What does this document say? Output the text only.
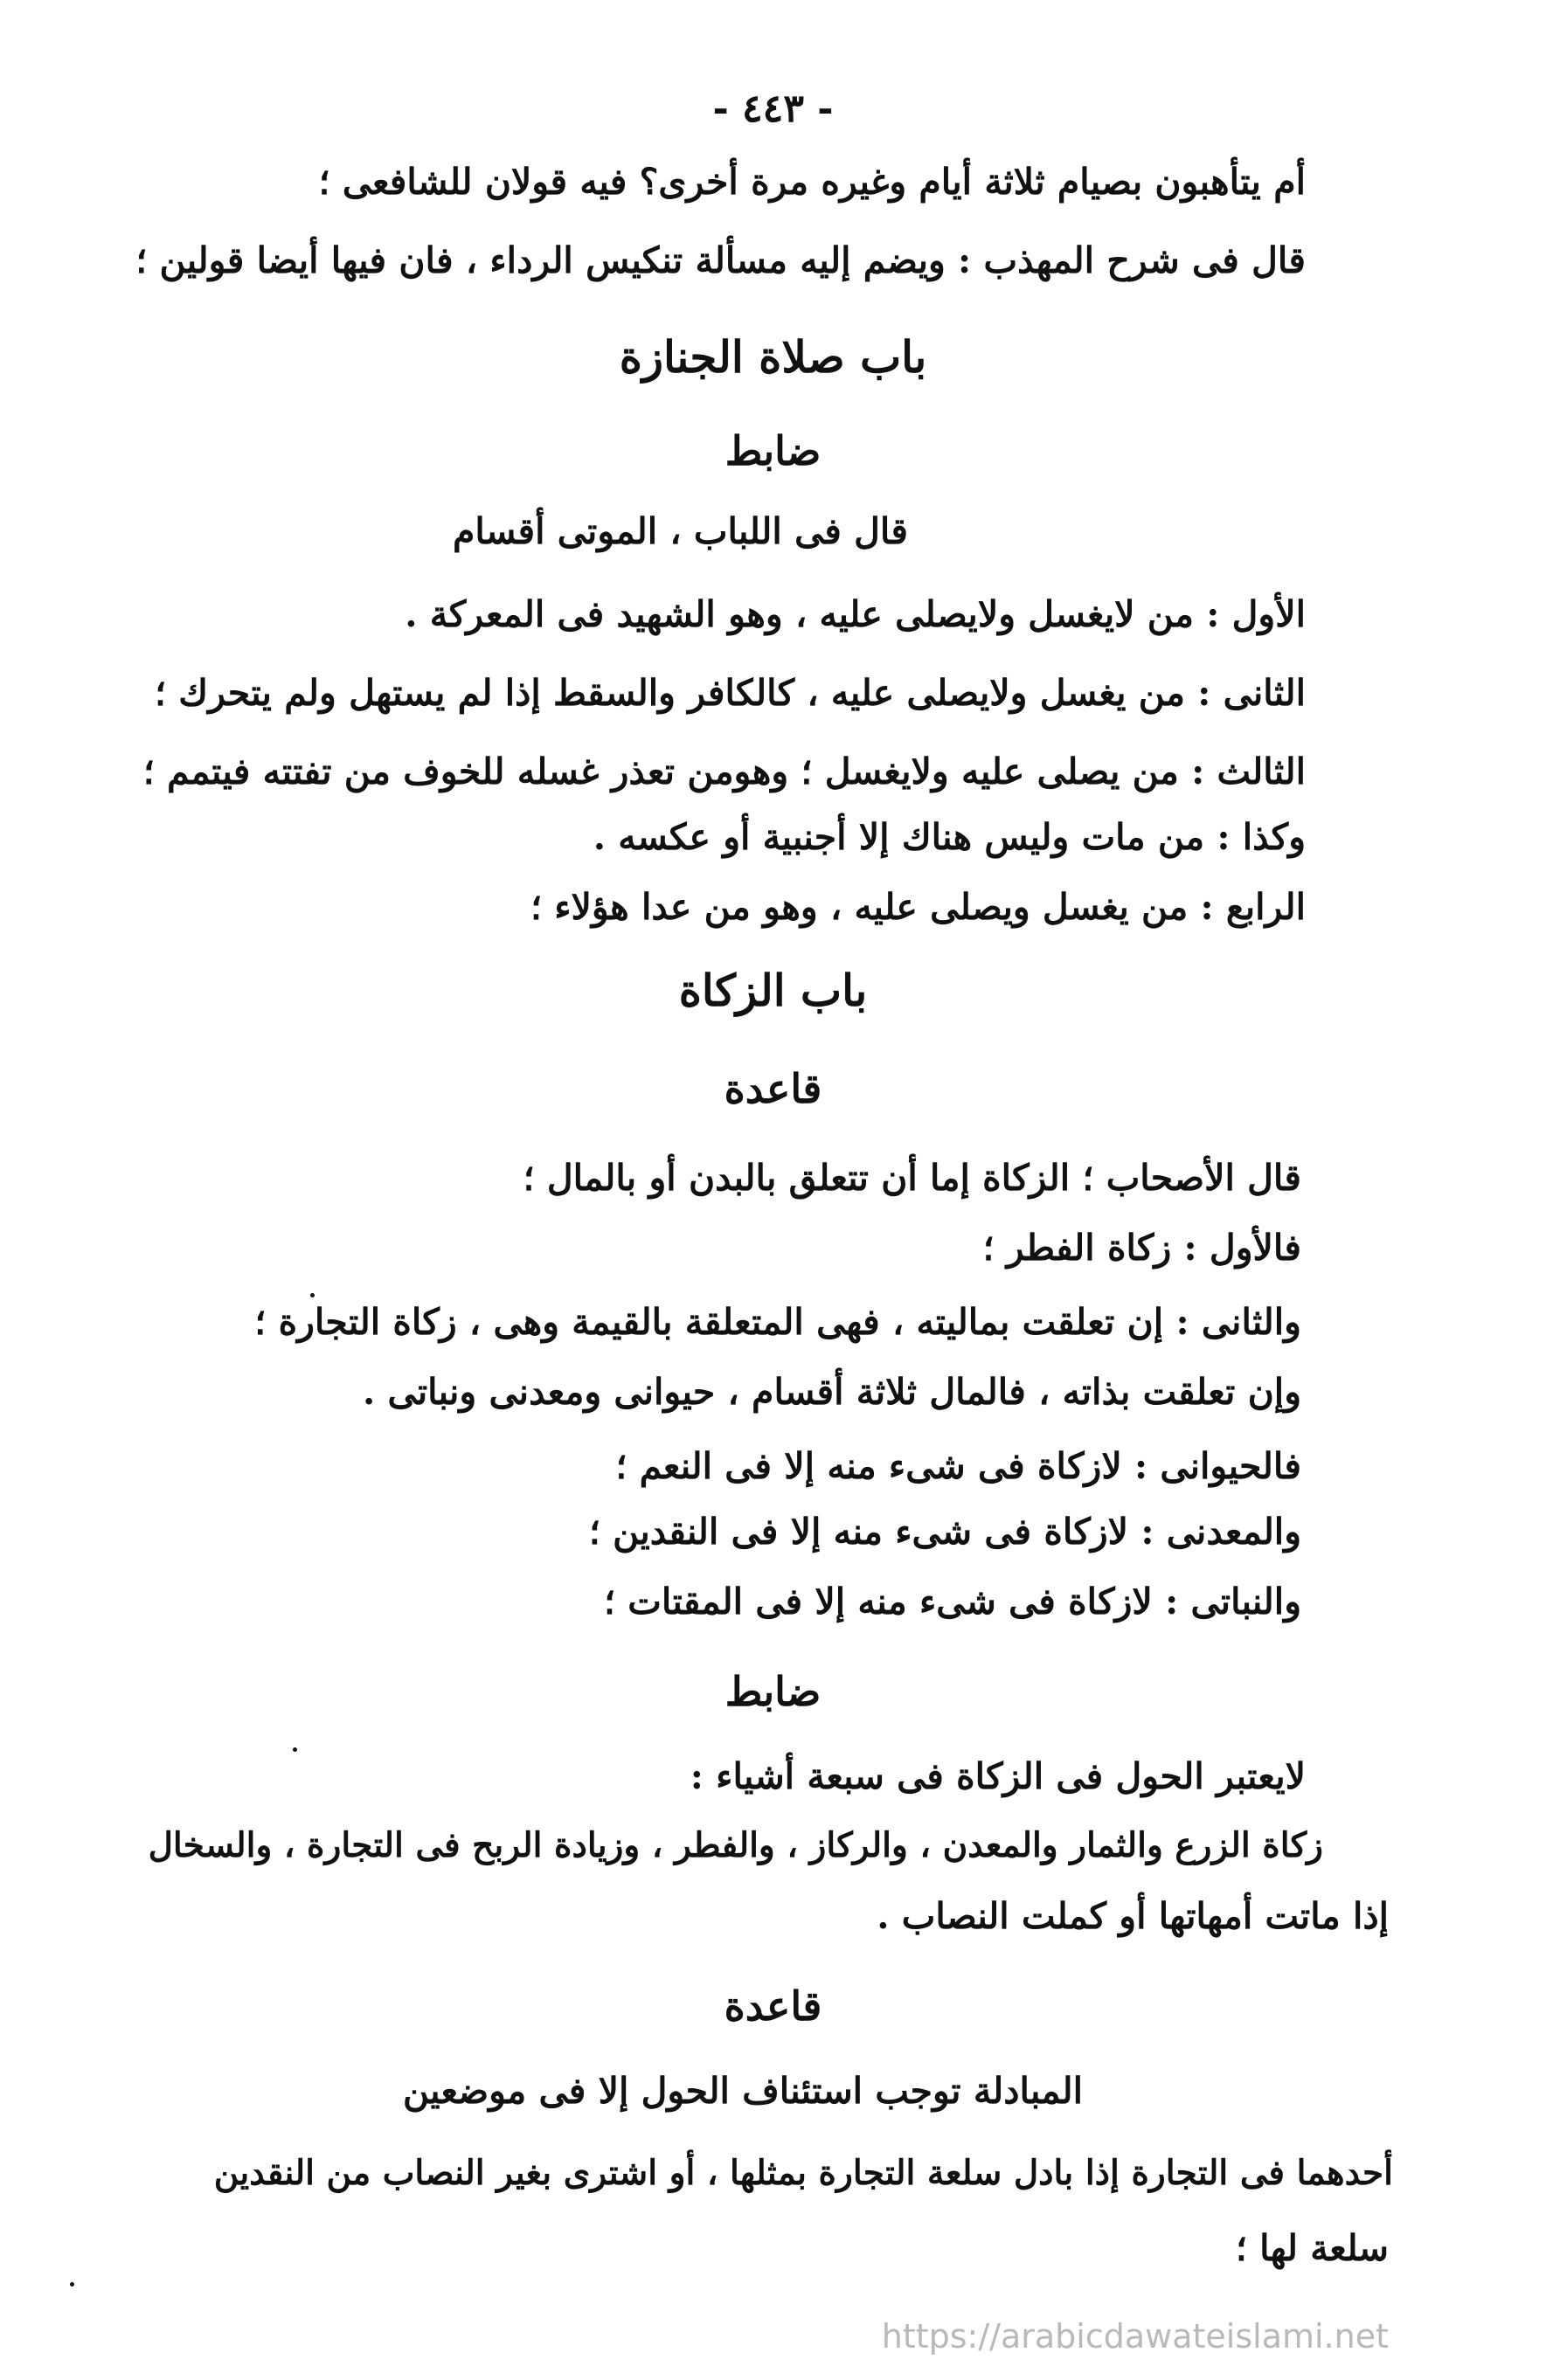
- ٤٤٣ -
أم يتأهبون بصيام ثلاثة أيام وغيره مرة أخرى؟ فيه قولان للشافعى ؛
قال فى شرح المهذب : ويضم إليه مسألة تنكيس الرداء ، فان فيها أيضا قولين ؛
باب صلاة الجنازة
ضابط
قال فى اللباب ، الموتى أقسام
الأول : من لايغسل ولايصلى عليه ، وهو الشهيد فى المعركة .
الثانى : من يغسل ولايصلى عليه ، كالكافر والسقط إذا لم يستهل ولم يتحرك ؛
الثالث : من يصلى عليه ولايغسل ؛ وهومن تعذر غسله للخوف من تفتته فيتمم ؛
وكذا : من مات وليس هناك إلا أجنبية أو عكسه .
الرابع : من يغسل ويصلى عليه ، وهو من عدا هؤلاء ؛
باب الزكاة
قاعدة
قال الأصحاب ؛ الزكاة إما أن تتعلق بالبدن أو بالمال ؛
فالأول : زكاة الفطر ؛
والثانى : إن تعلقت بماليته ، فهى المتعلقة بالقيمة وهى ، زكاة التجارة ؛
وإن تعلقت بذاته ، فالمال ثلاثة أقسام ، حيوانى ومعدنى ونباتى .
فالحيوانى : لازكاة فى شىء منه إلا فى النعم ؛
والمعدنى : لازكاة فى شىء منه إلا فى النقدين ؛
والنباتى : لازكاة فى شىء منه إلا فى المقتات ؛
ضابط
لايعتبر الحول فى الزكاة فى سبعة أشياء :
زكاة الزرع والثمار والمعدن ، والركاز ، والفطر ، وزيادة الربح فى التجارة ، والسخال
إذا ماتت أمهاتها أو كملت النصاب .
قاعدة
المبادلة توجب استئناف الحول إلا فى موضعين
أحدهما فى التجارة إذا بادل سلعة التجارة بمثلها ، أو اشترى بغير النصاب من النقدين
سلعة لها ؛
https://arabicdawateislami.net
